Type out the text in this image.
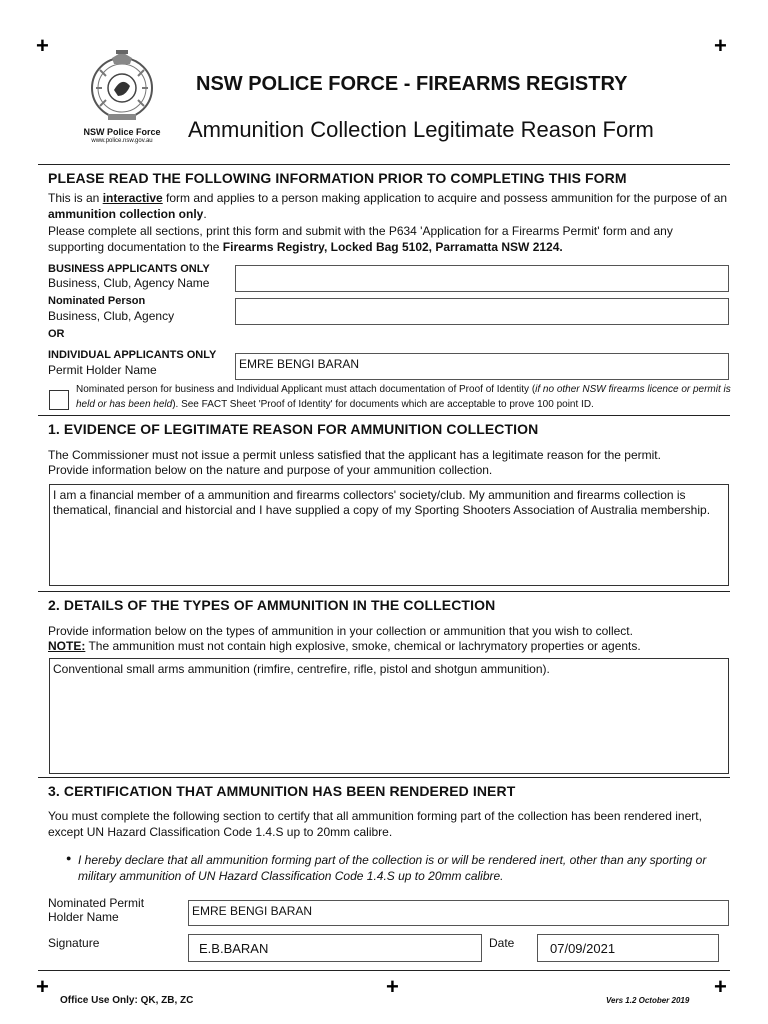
+	+
+	+	+
NSW Police Force
www.police.nsw.gov.au
NSW POLICE FORCE - FIREARMS REGISTRY
Ammunition Collection Legitimate Reason Form
PLEASE READ THE FOLLOWING INFORMATION PRIOR TO COMPLETING THIS FORM
This is an interactive form and applies to a person making application to acquire and possess ammunition for the purpose of an ammunition collection only.
Please complete all sections, print this form and submit with the P634 'Application for a Firearms Permit' form and any supporting documentation to the Firearms Registry, Locked Bag 5102, Parramatta NSW 2124.
BUSINESS APPLICANTS ONLY
Business, Club, Agency Name
Nominated Person
Business, Club, Agency
OR
INDIVIDUAL APPLICANTS ONLY
Permit Holder Name	EMRE BENGI BARAN
Nominated person for business and Individual Applicant must attach documentation of Proof of Identity (if no other NSW firearms licence or permit is held or has been held). See FACT Sheet 'Proof of Identity' for documents which are acceptable to prove 100 point ID.
1. EVIDENCE OF LEGITIMATE REASON FOR AMMUNITION COLLECTION
The Commissioner must not issue a permit unless satisfied that the applicant has a legitimate reason for the permit.
Provide information below on the nature and purpose of your ammunition collection.
I am a financial member of a ammunition and firearms collectors' society/club. My ammunition and firearms collection is thematical, financial and historcial and I have supplied a copy of my Sporting Shooters Association of Australia membership.
2. DETAILS OF THE TYPES OF AMMUNITION IN THE COLLECTION
Provide information below on the types of ammunition in your collection or ammunition that you wish to collect.
NOTE: The ammunition must not contain high explosive, smoke, chemical or lachrymatory properties or agents.
Conventional small arms ammunition (rimfire, centrefire, rifle, pistol and shotgun ammunition).
3. CERTIFICATION THAT AMMUNITION HAS BEEN RENDERED INERT
You must complete the following section to certify that all ammunition forming part of the collection has been rendered inert, except UN Hazard Classification Code 1.4.S up to 20mm calibre.
● I hereby declare that all ammunition forming part of the collection is or will be rendered inert, other than any sporting or military ammunition of UN Hazard Classification Code 1.4.S up to 20mm calibre.
Nominated Permit
Holder Name	EMRE BENGI BARAN
Signature	E.B.BARAN	Date	07/09/2021
Office Use Only: QK, ZB, ZC	Vers 1.2 October 2019
